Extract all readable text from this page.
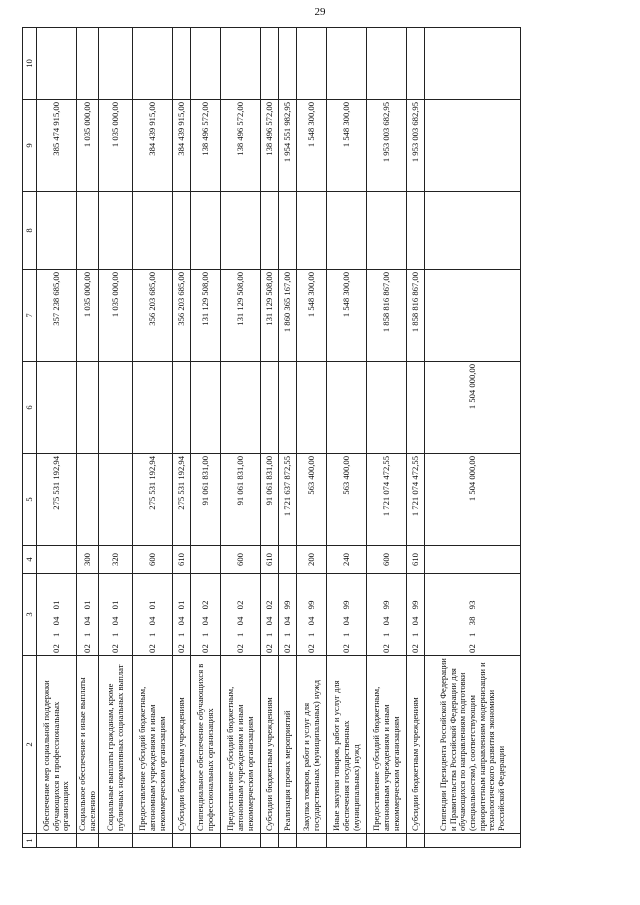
29
1	2	3	4	5	6	7	8	9	10
	Обеспечение мер социальной поддержки обучающихся в профессиональных организациях	02   1   04   01		275 531 192,94		357 238 685,00		385 474 915,00	
	Социальное обеспечение и иные выплаты населению	02   1   04   01	300			1 035 000,00		1 035 000,00	
	Социальные выплаты гражданам, кроме публичных нормативных социальных выплат	02   1   04   01	320			1 035 000,00		1 035 000,00	
	Предоставление субсидий бюджетным, автономным учреждениям и иным некоммерческим организациям	02   1   04   01	600	275 531 192,94		356 203 685,00		384 439 915,00	
	Субсидии бюджетным учреждениям	02   1   04   01	610	275 531 192,94		356 203 685,00		384 439 915,00	
	Стипендиальное обеспечение обучающихся в профессиональных организациях	02   1   04   02		91 061 831,00		131 129 508,00		138 496 572,00	
	Предоставление субсидий бюджетным, автономным учреждениям и иным некоммерческим организациям	02   1   04   02	600	91 061 831,00		131 129 508,00		138 496 572,00	
	Субсидии бюджетным учреждениям	02   1   04   02	610	91 061 831,00		131 129 508,00		138 496 572,00	
	Реализация прочих мероприятий	02   1   04   99		1 721 637 872,55		1 860 365 167,00		1 954 551 982,95	
	Закупка товаров, работ и услуг для государственных (муниципальных) нужд	02   1   04   99	200	563 400,00		1 548 300,00		1 548 300,00	
	Иные закупки товаров, работ и услуг для обеспечения государственных (муниципальных) нужд	02   1   04   99	240	563 400,00		1 548 300,00		1 548 300,00	
	Предоставление субсидий бюджетным, автономным учреждениям и иным некоммерческим организациям	02   1   04   99	600	1 721 074 472,55		1 858 816 867,00		1 953 003 682,95	
	Субсидии бюджетным учреждениям	02   1   04   99	610	1 721 074 472,55		1 858 816 867,00		1 953 003 682,95	
	Стипендии Президента Российской Федерации и Правительства Российской Федерации для обучающихся по направлениям подготовки (специальностям), соответствующим приоритетным направлениям модернизации и технологического развития экономики Российской Федерации	02   1   38   93		1 504 000,00	1 504 000,00				
